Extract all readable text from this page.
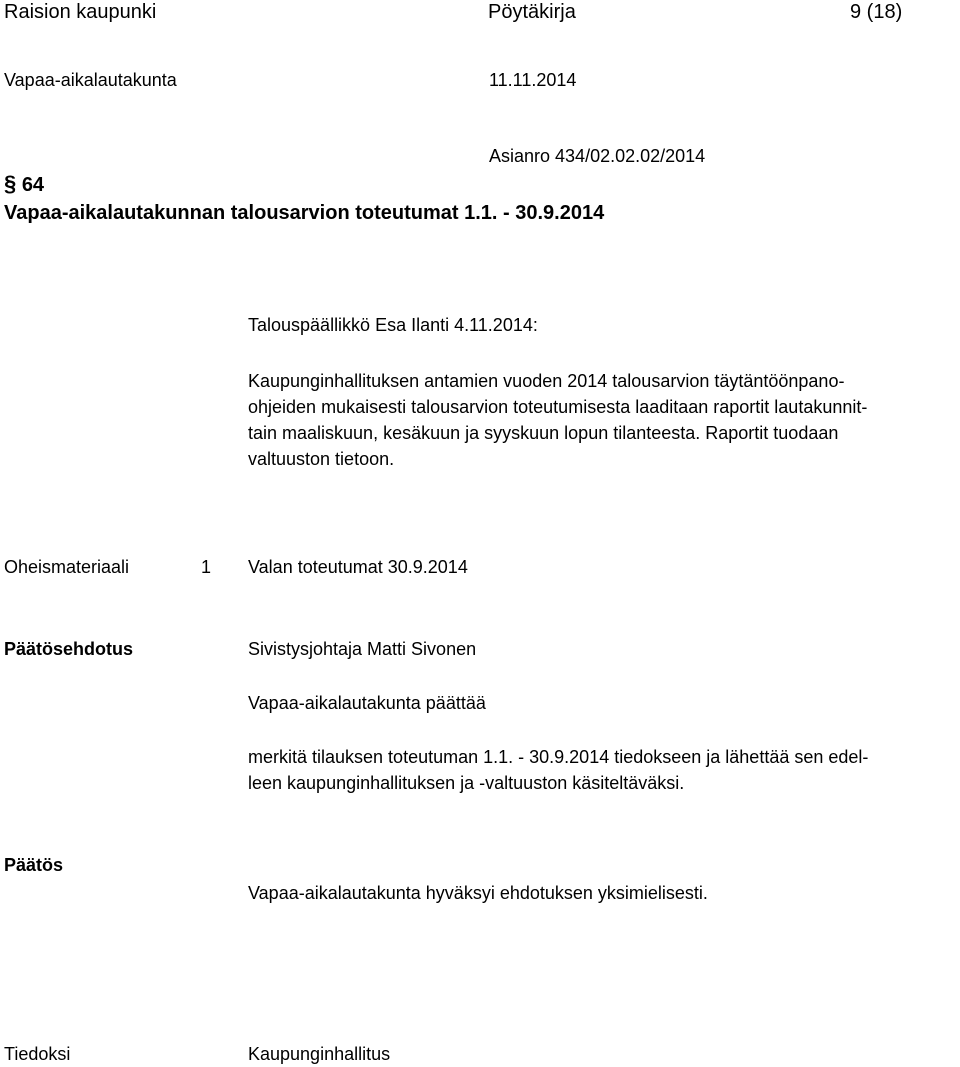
Raision kaupunki	Pöytäkirja	9 (18)
Vapaa-aikalautakunta	11.11.2014
Asianro 434/02.02.02/2014
§ 64
Vapaa-aikalautakunnan talousarvion toteutumat 1.1. - 30.9.2014
Talouspäällikkö Esa Ilanti 4.11.2014:
Kaupunginhallituksen antamien vuoden 2014 talousarvion täytäntöönpano-
ohjeiden mukaisesti talousarvion toteutumisesta laaditaan raportit lautakunnit-
tain maaliskuun, kesäkuun ja syyskuun lopun tilanteesta. Raportit tuodaan
valtuuston tietoon.
Oheismateriaali	1 Valan toteutumat 30.9.2014
Päätösehdotus	Sivistysjohtaja Matti Sivonen
Vapaa-aikalautakunta päättää
merkitä tilauksen toteutuman 1.1. - 30.9.2014 tiedokseen ja lähettää sen edel-
leen kaupunginhallituksen ja -valtuuston käsiteltäväksi.
Päätös
Vapaa-aikalautakunta hyväksyi ehdotuksen yksimielisesti.
Tiedoksi	Kaupunginhallitus
